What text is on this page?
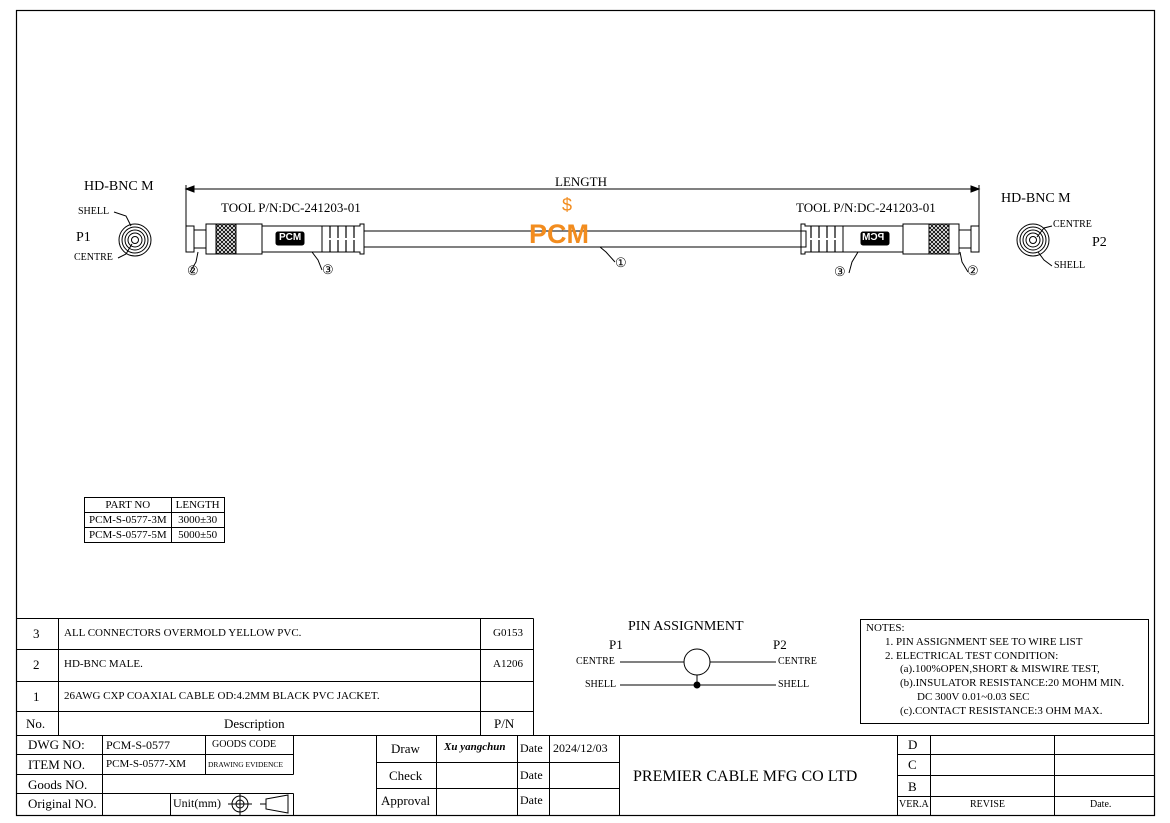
HD-BNC M
SHELL
P1
CENTRE
TOOL P/N:DC-241203-01
PCM
LENGTH
PCM
$	TOOL P/N:DC-241203-01
PCM
HD-BNC M
CENTRE
P2
SHELL
②	③	①
③	②
PART NO	LENGTH
PCM-S-0577-3M	3000±30
PCM-S-0577-5M	5000±50
3 ALL CONNECTORS OVERMOLD YELLOW PVC.	G0153
2 HD-BNC MALE.	A1206
1 26AWG CXP COAXIAL CABLE OD:4.2MM BLACK PVC JACKET.
No.	Description	P/N
PIN ASSIGNMENT
P1	P2
CENTRE	CENTRE
SHELL	SHELL
NOTES:
1. PIN ASSIGNMENT SEE TO WIRE LIST
2. ELECTRICAL TEST CONDITION:
(a).100%OPEN,SHORT & MISWIRE TEST,
(b).INSULATOR RESISTANCE:20 MOHM MIN.
DC 300V 0.01~0.03 SEC
(c).CONTACT RESISTANCE:3 OHM MAX.
DWG NO: PCM-S-0577	GOODS CODE
ITEM NO. PCM-S-0577-XM	DRAWING EVIDENCE
Goods NO.
Original NO.	Unit(mm)
Draw Xu yangchun Date 2024/12/03
Check	Date
Approval	Date
PREMIER CABLE MFG CO LTD
D
C
B
VER.A	REVISE	Date.
